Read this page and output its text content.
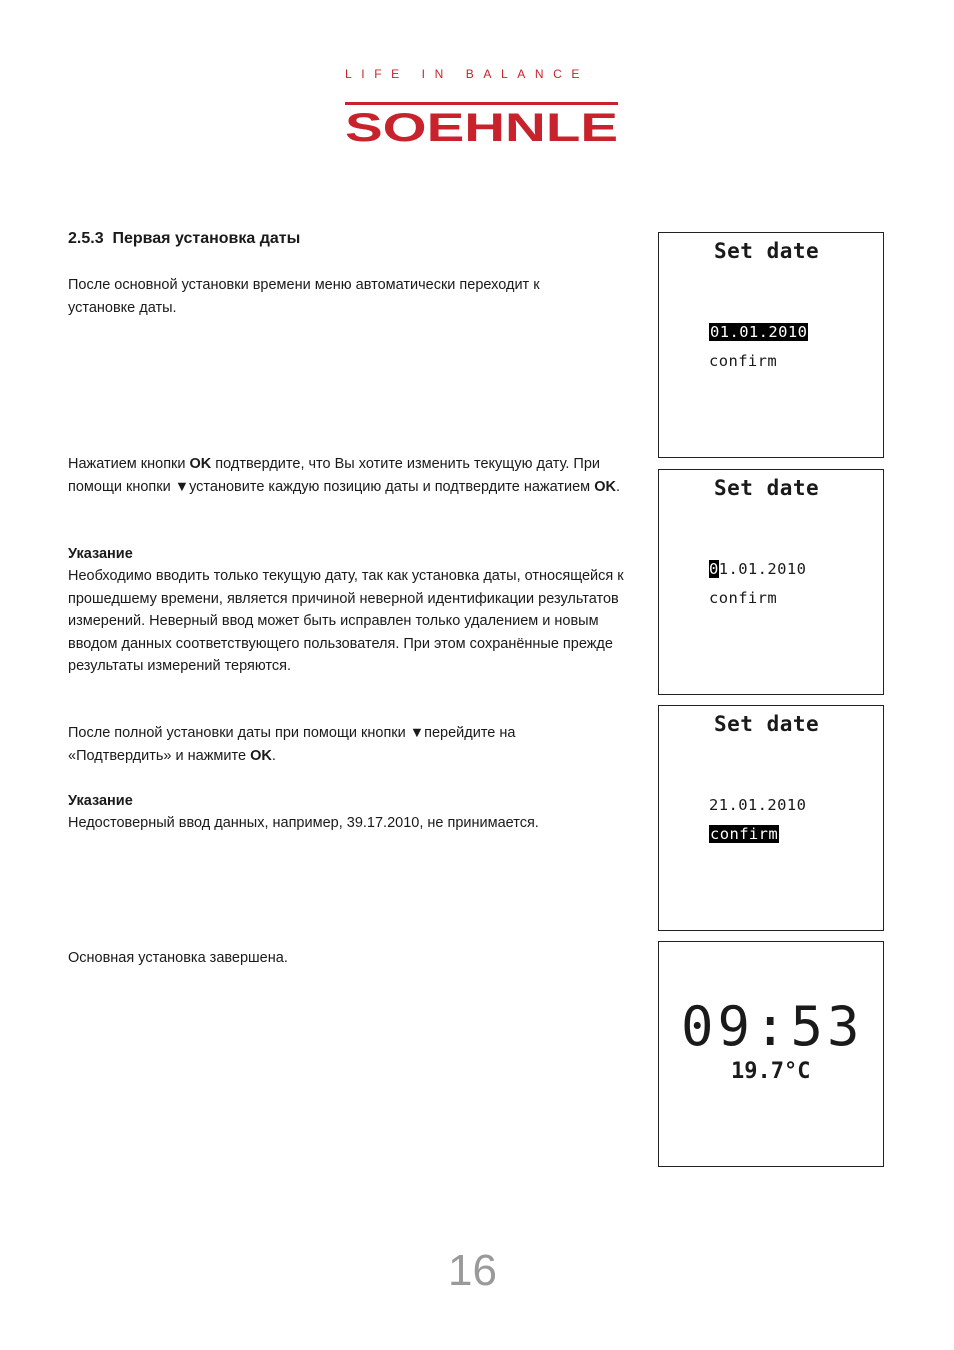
LIFE IN BALANCE
SOEHNLE
2.5.3 Первая установка даты
После основной установки времени меню автоматически переходит к установке даты.
Нажатием кнопки OK подтвердите, что Вы хотите изменить текущую дату. При помощи кнопки ▼установите каждую позицию даты и подтвердите нажатием OK.
Указание
Необходимо вводить только текущую дату, так как установка даты, относящейся к прошедшему времени, является причиной неверной идентификации результатов измерений. Неверный ввод может быть исправлен только удалением и новым вводом данных соответствующего пользователя. При этом сохранённые прежде результаты измерений теряются.
После полной установки даты при помощи кнопки ▼перейдите на «Подтвердить» и нажмите OK.
Указание
Недостоверный ввод данных, например, 39.17.2010, не принимается.
Основная установка завершена.
Set date
01.01.2010
confirm
Set date
01.01.2010
confirm
Set date
21.01.2010
confirm
09:53
19.7°C
16
